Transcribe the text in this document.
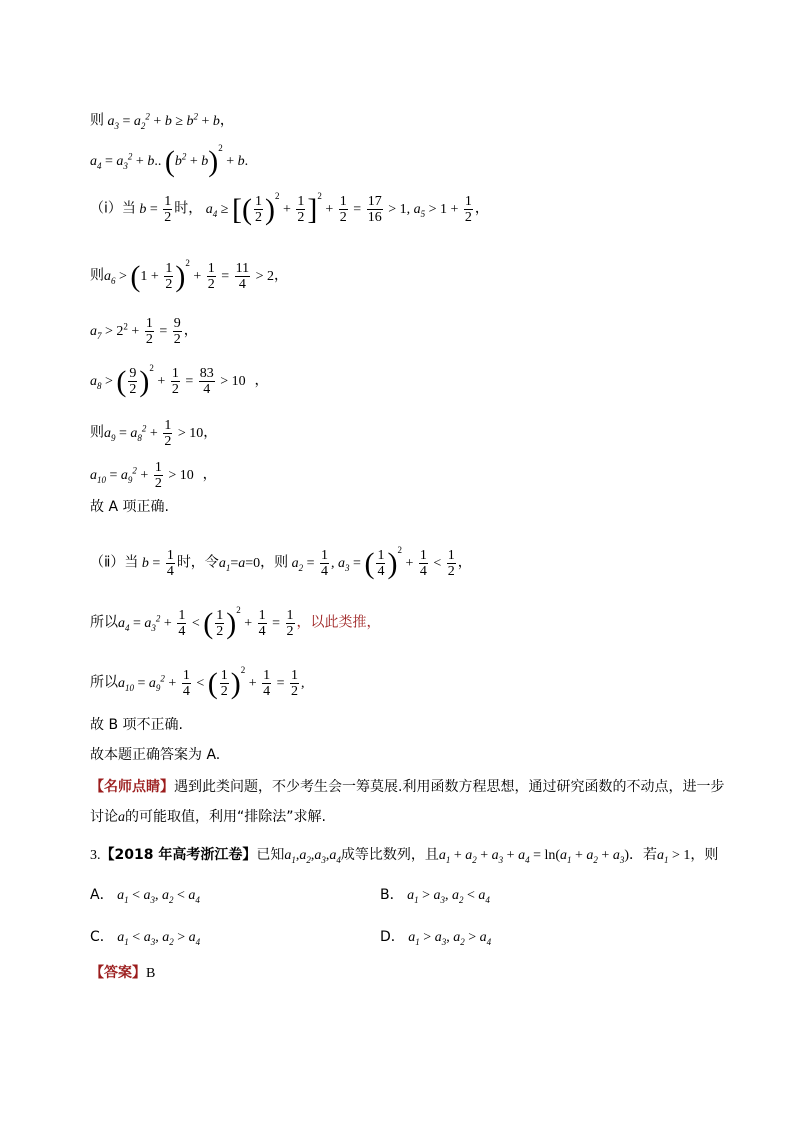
则 $a_3 = a_2^2 + b \ge b^2 + b$，
$a_4 = a_3^2 + b$.. $(b^2 + b)^2 + b$.
（ⅰ）当 $b = \frac{1}{2}$ 时， $a_4$ ≥ [( $\frac{1}{2} )^2 + \frac{1}{2} ]^2 + \frac{1}{2} = \frac{17}{16} > 1$, $a_5 > 1 + \frac{1}{2}$ ，
则$a_6 > (1 + \frac{1}{2} )^2 + \frac{1}{2} = \frac{11}{4} > 2$，
$a_7 > 2^2 + \frac{1}{2} = \frac{9}{2}$ ，
$a_8$ > ( $\frac{9}{2} )^2 + \frac{1}{2} = \frac{83}{4} > 10$  ，
则$a_9 = a_8^2 + \frac{1}{2} > 10$，
$a_{10} = a_9^2 + \frac{1}{2} > 10$  ，
故 A 项正确.
（ⅱ）当 $b = \frac{1}{4}$ 时，令$a_1=a=0$，则 $a_2 = \frac{1}{4}$ , $a_3$ = ( $\frac{1}{4} )^2 + \frac{1}{4} < \frac{1}{2}$ ，
所以$a_4 = a_3^2 + \frac{1}{4}$ < ( $\frac{1}{2} )^2 + \frac{1}{4} = \frac{1}{2}$ ，以此类推，
所以$a_{10} = a_9^2 + \frac{1}{4}$ < ( $\frac{1}{2} )^2 + \frac{1}{4} = \frac{1}{2}$ ,
故 B 项不正确.
故本题正确答案为 A.
【名师点睛】遇到此类问题，不少考生会一筹莫展.利用函数方程思想，通过研究函数的不动点，进一步
讨论a的可能取值，利用“排除法”求解.
3.【2018 年高考浙江卷】已知$a_1,a_2,a_3,a_4$成等比数列，且$a_1 + a_2 + a_3 + a_4 = \ln(a_1 + a_2 + a_3)$．若$a_1 > 1$，则
A． $a_1 < a_3$, $a_2 < a_4$	B． $a_1 > a_3$, $a_2 < a_4$
C． $a_1 < a_3$, $a_2 > a_4$	D． $a_1 > a_3$, $a_2 > a_4$
【答案】B
